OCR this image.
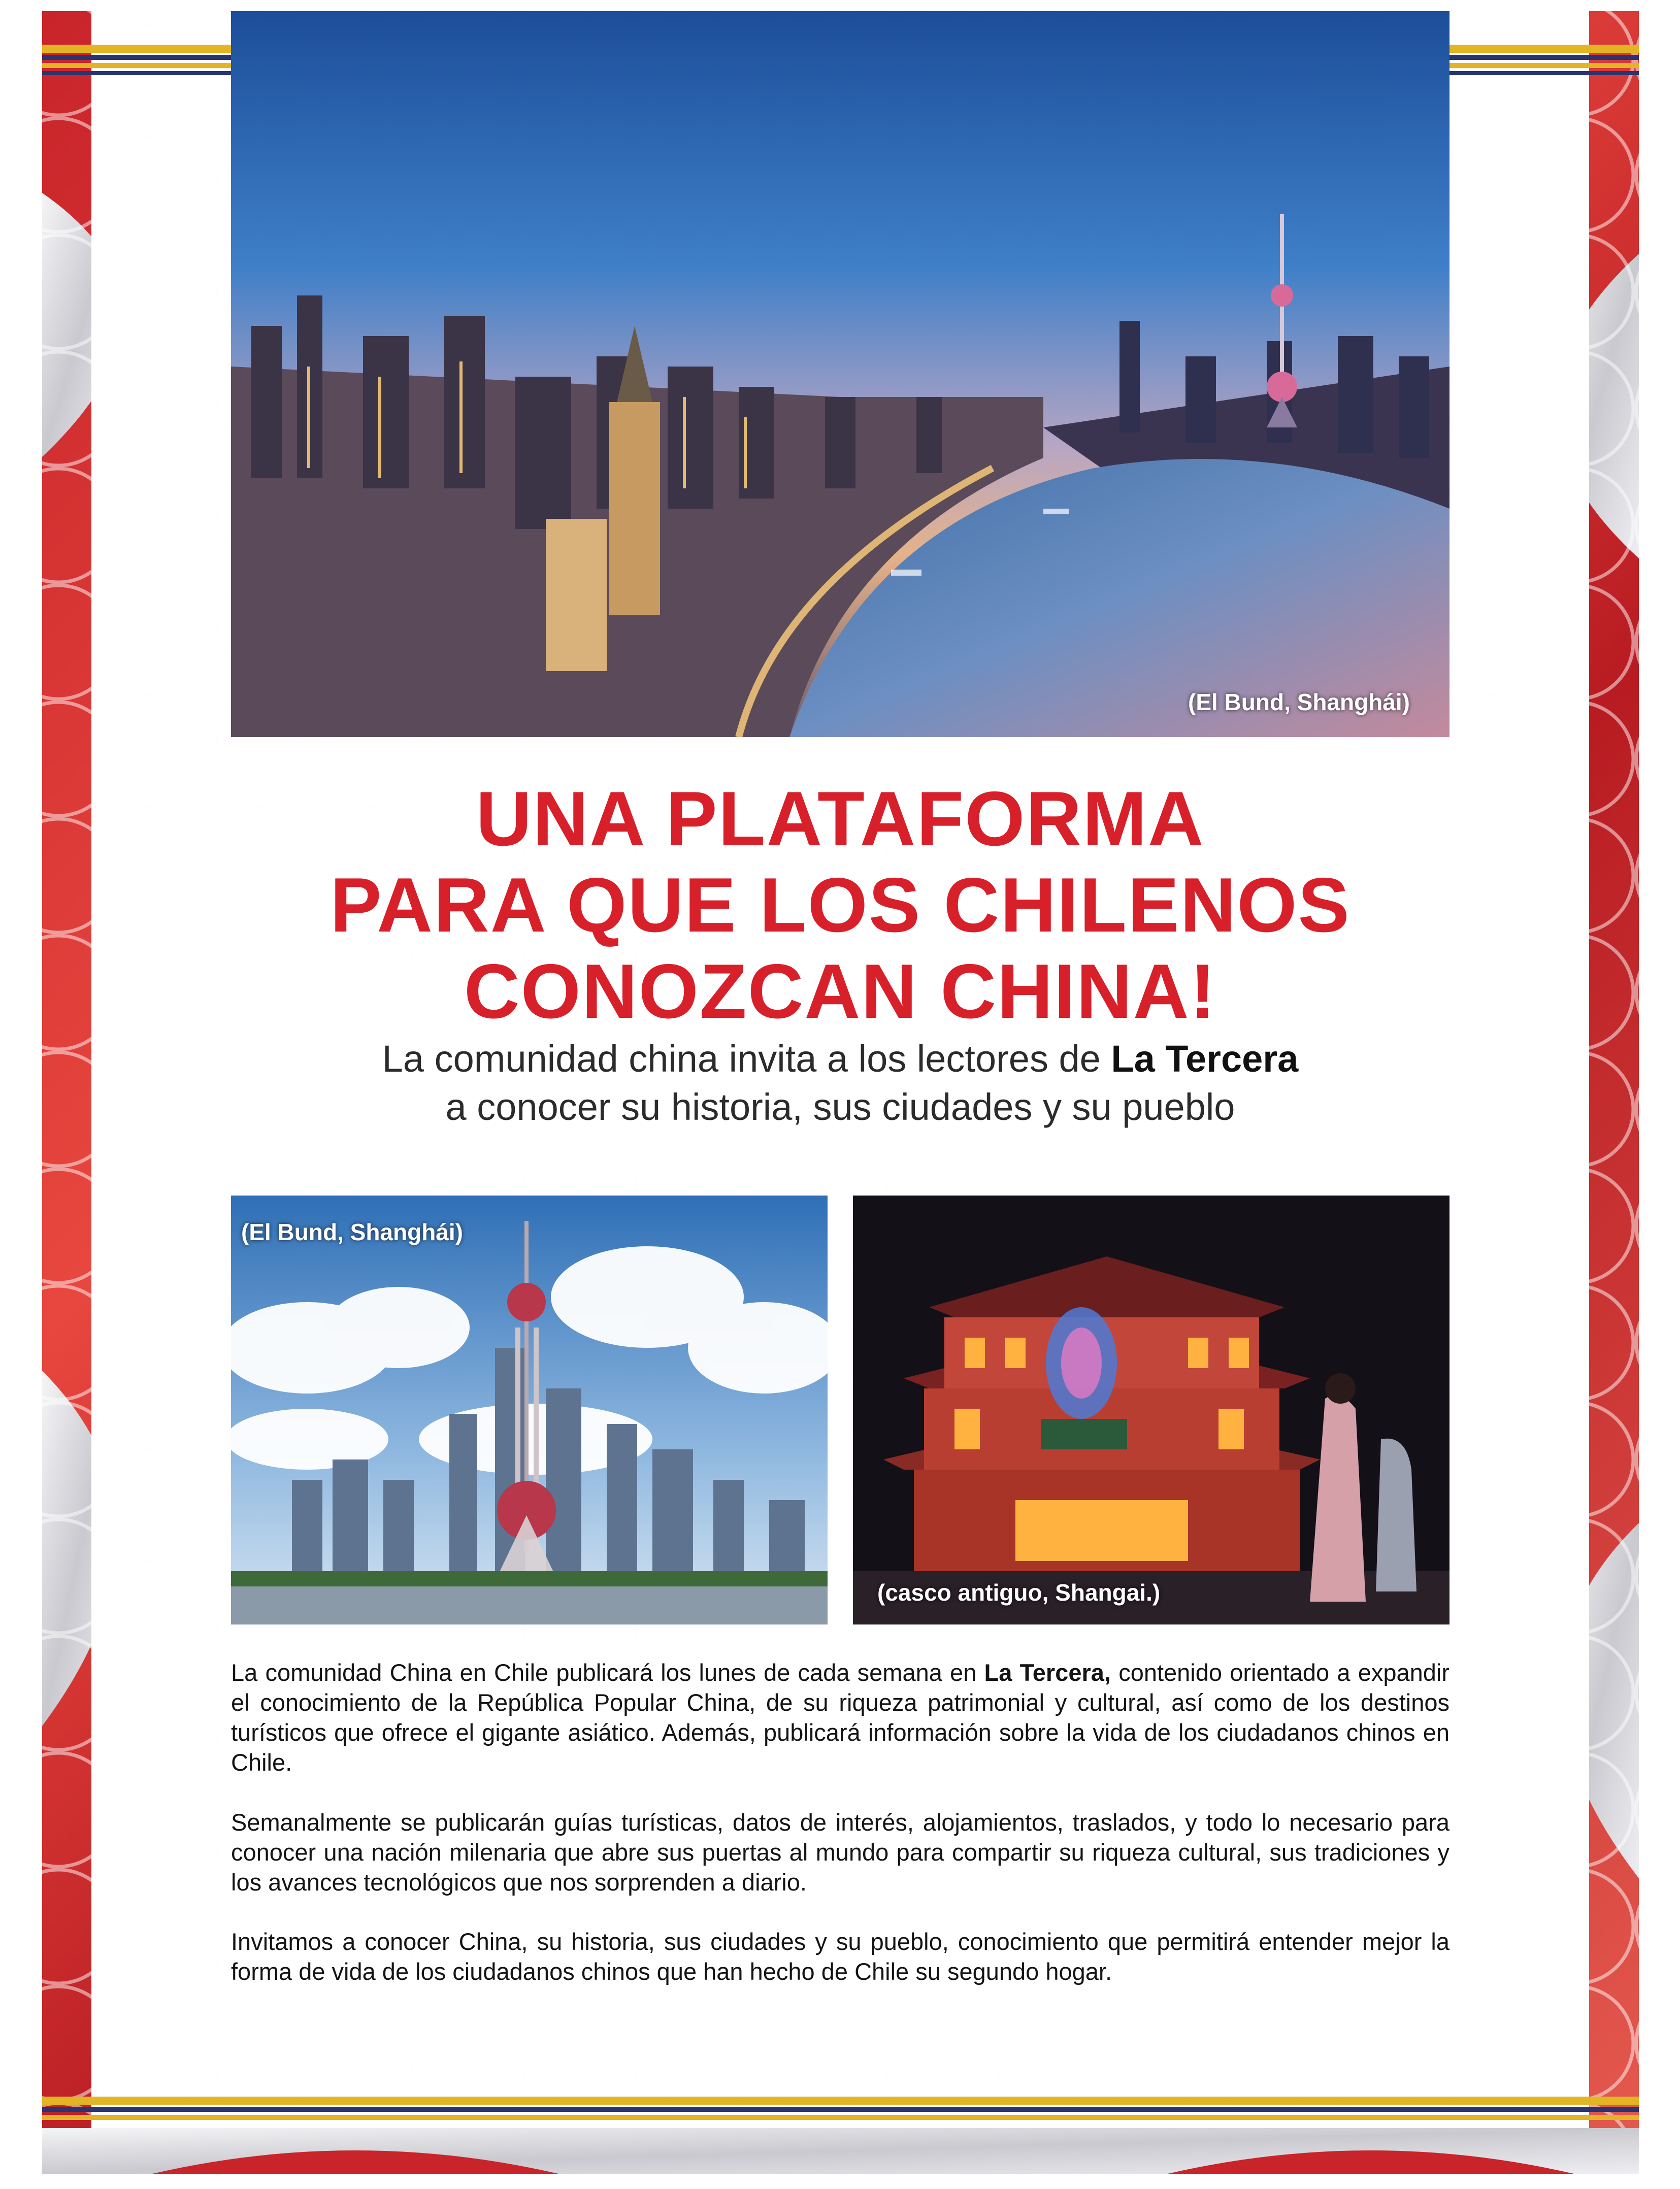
(El Bund, Shanghái)
UNA PLATAFORMA
PARA QUE LOS CHILENOS
CONOZCAN CHINA!
La comunidad china invita a los lectores de La Tercera
a conocer su historia, sus ciudades y su pueblo
(El Bund, Shanghái)
(casco antiguo, Shangai.)
La comunidad China en Chile publicará los lunes de cada semana en La Tercera, contenido orientado a expandir el conocimiento de la República Popular China, de su riqueza patrimonial y cultural, así como de los destinos turísticos que ofrece el gigante asiático. Además, publicará información sobre la vida de los ciudadanos chinos en Chile.
Semanalmente se publicarán guías turísticas, datos de interés, alojamientos, traslados, y todo lo necesario para conocer una nación milenaria que abre sus puertas al mundo para compartir su riqueza cultural, sus tradiciones y los avances tecnológicos que nos sorprenden a diario.
Invitamos a conocer China, su historia, sus ciudades y su pueblo, conocimiento que permitirá entender mejor la forma de vida de los ciudadanos chinos que han hecho de Chile su segundo hogar.
